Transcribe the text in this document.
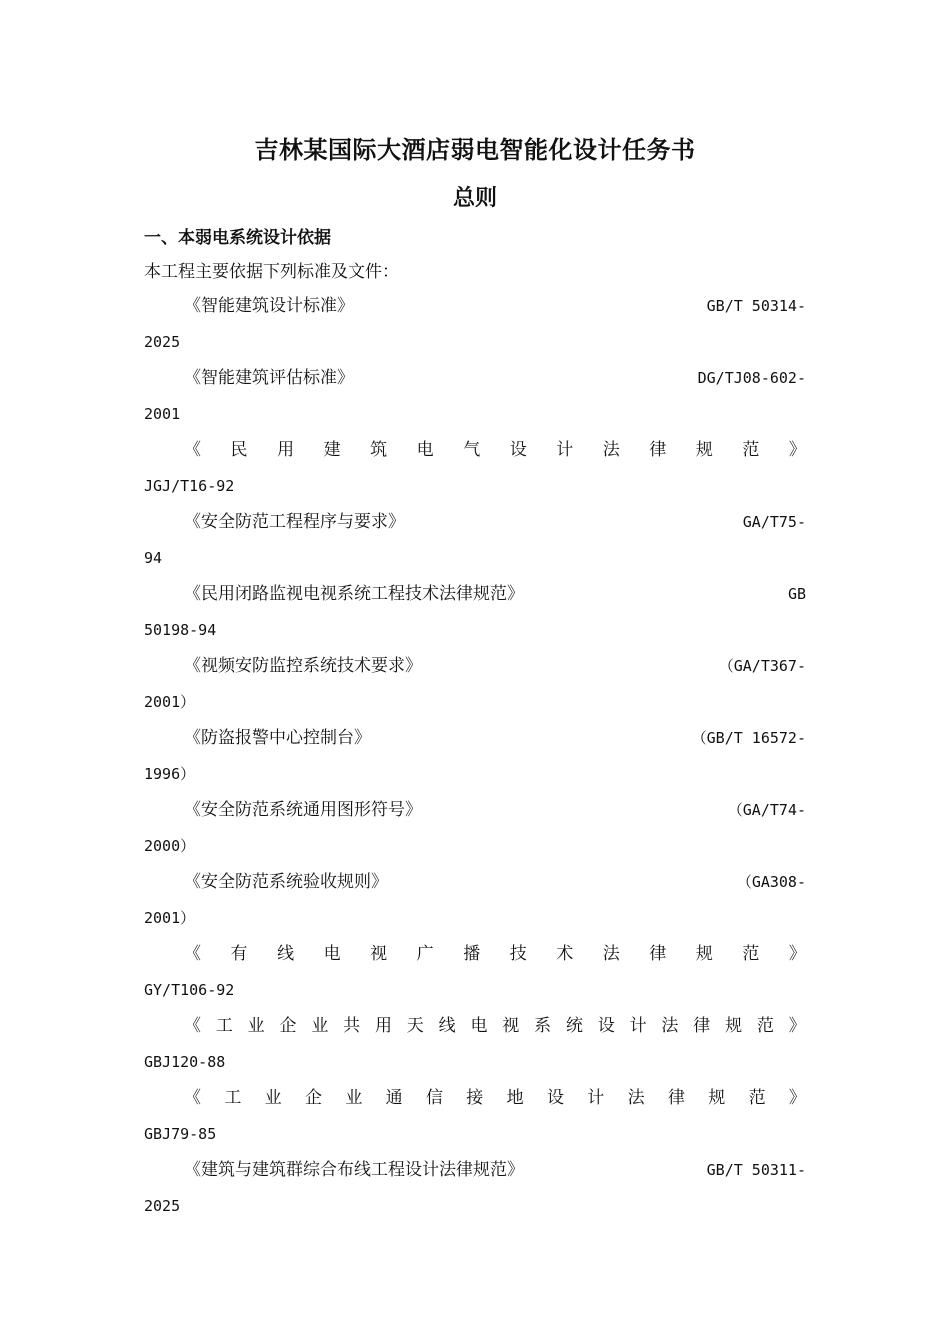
吉林某国际大酒店弱电智能化设计任务书
总则
一、本弱电系统设计依据
本工程主要依据下列标准及文件：
《智能建筑设计标准》	GB/T 50314-
2025
《智能建筑评估标准》	DG/TJ08-602-
2001
《 民 用 建 筑 电 气 设 计 法 律 规 范 》
JGJ/T16-92
《安全防范工程程序与要求》	GA/T75-
94
《民用闭路监视电视系统工程技术法律规范》	GB
50198-94
《视频安防监控系统技术要求》	（GA/T367-
2001）
《防盗报警中心控制台》	（GB/T 16572-
1996）
《安全防范系统通用图形符号》	（GA/T74-
2000）
《安全防范系统验收规则》	（GA308-
2001）
《 有 线 电 视 广 播 技 术 法 律 规 范 》
GY/T106-92
《 工 业 企 业 共 用 天 线 电 视 系 统 设 计 法 律 规 范 》
GBJ120-88
《 工 业 企 业 通 信 接 地 设 计 法 律 规 范 》
GBJ79-85
《建筑与建筑群综合布线工程设计法律规范》	GB/T 50311-
2025
